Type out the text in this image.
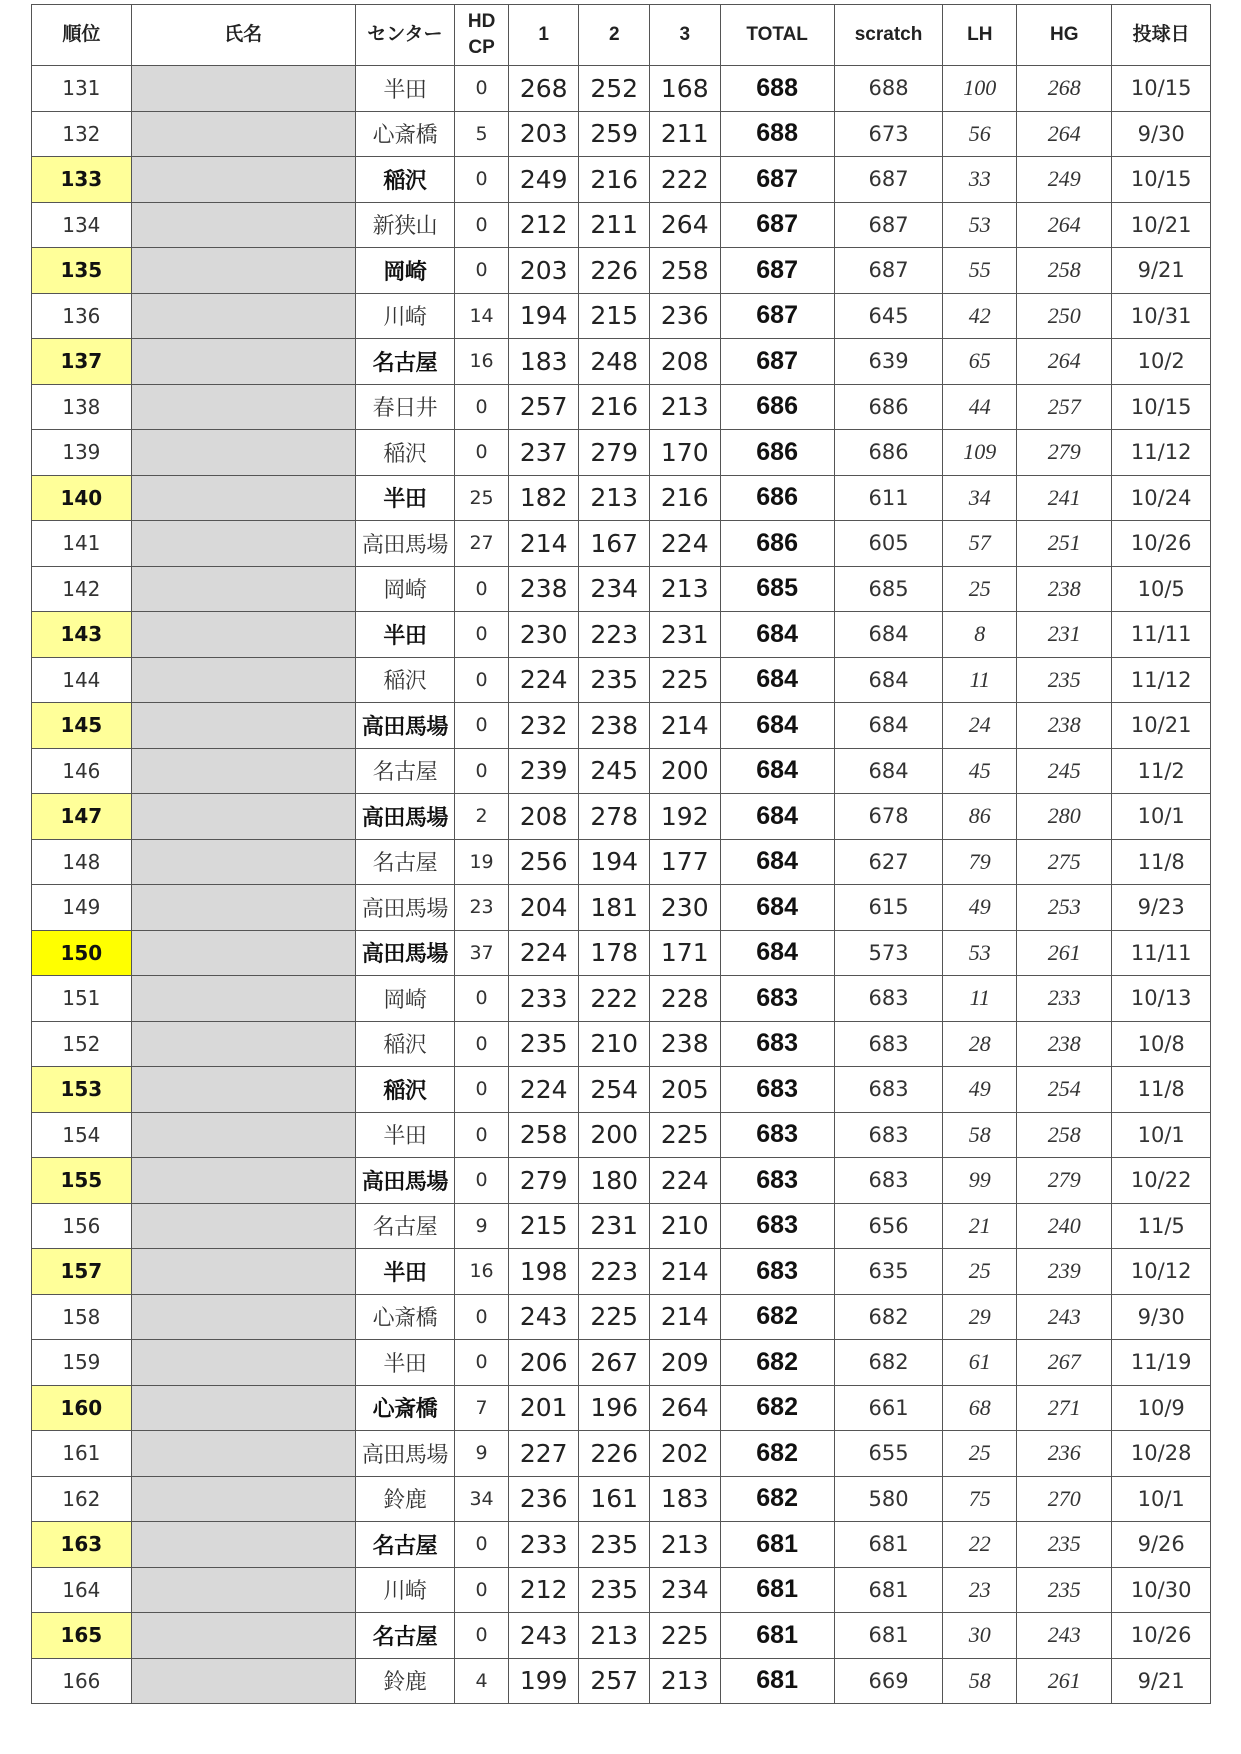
順位	氏名	センター	HD
CP	1	2	3	TOTAL	scratch	LH	HG	投球日
131		半田	0	268	252	168	688	688	100	268	10/15
132		心斎橋	5	203	259	211	688	673	56	264	9/30
133		稲沢	0	249	216	222	687	687	33	249	10/15
134		新狭山	0	212	211	264	687	687	53	264	10/21
135		岡崎	0	203	226	258	687	687	55	258	9/21
136		川崎	14	194	215	236	687	645	42	250	10/31
137		名古屋	16	183	248	208	687	639	65	264	10/2
138		春日井	0	257	216	213	686	686	44	257	10/15
139		稲沢	0	237	279	170	686	686	109	279	11/12
140		半田	25	182	213	216	686	611	34	241	10/24
141		高田馬場	27	214	167	224	686	605	57	251	10/26
142		岡崎	0	238	234	213	685	685	25	238	10/5
143		半田	0	230	223	231	684	684	8	231	11/11
144		稲沢	0	224	235	225	684	684	11	235	11/12
145		高田馬場	0	232	238	214	684	684	24	238	10/21
146		名古屋	0	239	245	200	684	684	45	245	11/2
147		高田馬場	2	208	278	192	684	678	86	280	10/1
148		名古屋	19	256	194	177	684	627	79	275	11/8
149		高田馬場	23	204	181	230	684	615	49	253	9/23
150		高田馬場	37	224	178	171	684	573	53	261	11/11
151		岡崎	0	233	222	228	683	683	11	233	10/13
152		稲沢	0	235	210	238	683	683	28	238	10/8
153		稲沢	0	224	254	205	683	683	49	254	11/8
154		半田	0	258	200	225	683	683	58	258	10/1
155		高田馬場	0	279	180	224	683	683	99	279	10/22
156		名古屋	9	215	231	210	683	656	21	240	11/5
157		半田	16	198	223	214	683	635	25	239	10/12
158		心斎橋	0	243	225	214	682	682	29	243	9/30
159		半田	0	206	267	209	682	682	61	267	11/19
160		心斎橋	7	201	196	264	682	661	68	271	10/9
161		高田馬場	9	227	226	202	682	655	25	236	10/28
162		鈴鹿	34	236	161	183	682	580	75	270	10/1
163		名古屋	0	233	235	213	681	681	22	235	9/26
164		川崎	0	212	235	234	681	681	23	235	10/30
165		名古屋	0	243	213	225	681	681	30	243	10/26
166		鈴鹿	4	199	257	213	681	669	58	261	9/21
